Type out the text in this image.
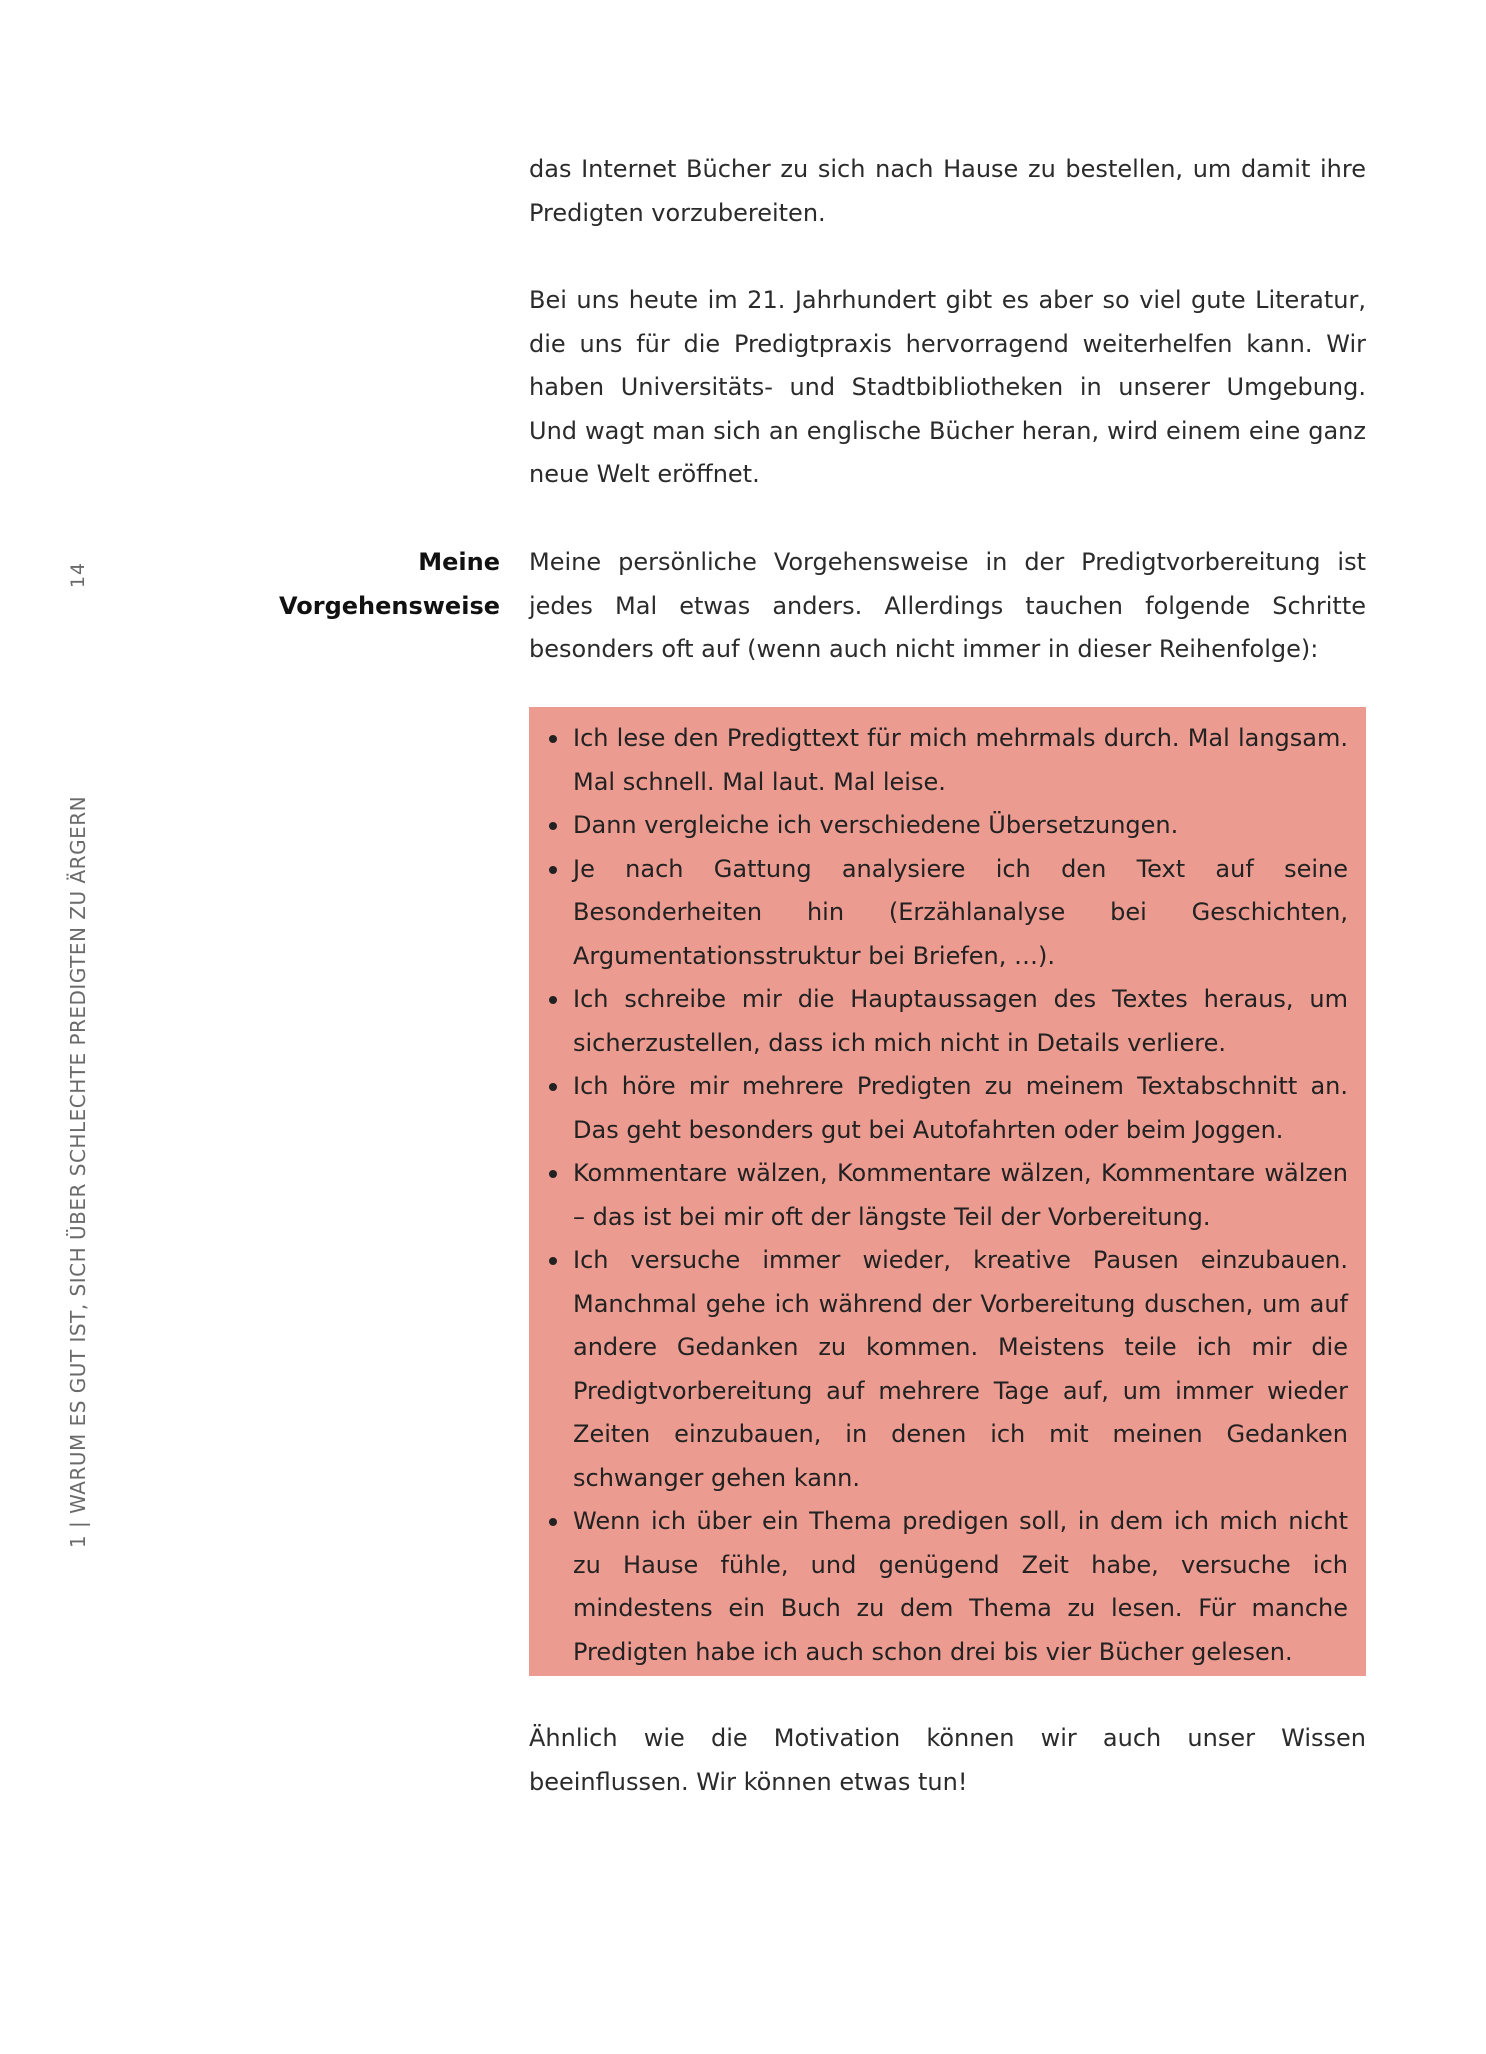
14
1 | WARUM ES GUT IST, SICH ÜBER SCHLECHTE PREDIGTEN ZU ÄRGERN

das Internet Bücher zu sich nach Hause zu bestellen, um damit ihre Predigten vorzubereiten.

Bei uns heute im 21. Jahrhundert gibt es aber so viel gute Literatur, die uns für die Predigtpraxis hervorragend weiterhelfen kann. Wir haben Universitäts- und Stadtbibliotheken in unserer Umgebung. Und wagt man sich an englische Bücher heran, wird einem eine ganz neue Welt eröffnet.

Meine Vorgehensweise

Meine persönliche Vorgehensweise in der Predigtvorbereitung ist jedes Mal etwas anders. Allerdings tauchen folgende Schritte besonders oft auf (wenn auch nicht immer in dieser Reihenfolge):

Ich lese den Predigttext für mich mehrmals durch. Mal langsam. Mal schnell. Mal laut. Mal leise.
Dann vergleiche ich verschiedene Übersetzungen.
Je nach Gattung analysiere ich den Text auf seine Besonderheiten hin (Erzählanalyse bei Geschichten, Argumentationsstruktur bei Briefen, …).
Ich schreibe mir die Hauptaussagen des Textes heraus, um sicherzustellen, dass ich mich nicht in Details verliere.
Ich höre mir mehrere Predigten zu meinem Textabschnitt an. Das geht besonders gut bei Autofahrten oder beim Joggen.
Kommentare wälzen, Kommentare wälzen, Kommentare wälzen – das ist bei mir oft der längste Teil der Vorbereitung.
Ich versuche immer wieder, kreative Pausen einzubauen. Manchmal gehe ich während der Vorbereitung duschen, um auf andere Gedanken zu kommen. Meistens teile ich mir die Predigtvorbereitung auf mehrere Tage auf, um immer wieder Zeiten einzubauen, in denen ich mit meinen Gedanken schwanger gehen kann.
Wenn ich über ein Thema predigen soll, in dem ich mich nicht zu Hause fühle, und genügend Zeit habe, versuche ich mindestens ein Buch zu dem Thema zu lesen. Für manche Predigten habe ich auch schon drei bis vier Bücher gelesen.

Ähnlich wie die Motivation können wir auch unser Wissen beeinflussen. Wir können etwas tun!
